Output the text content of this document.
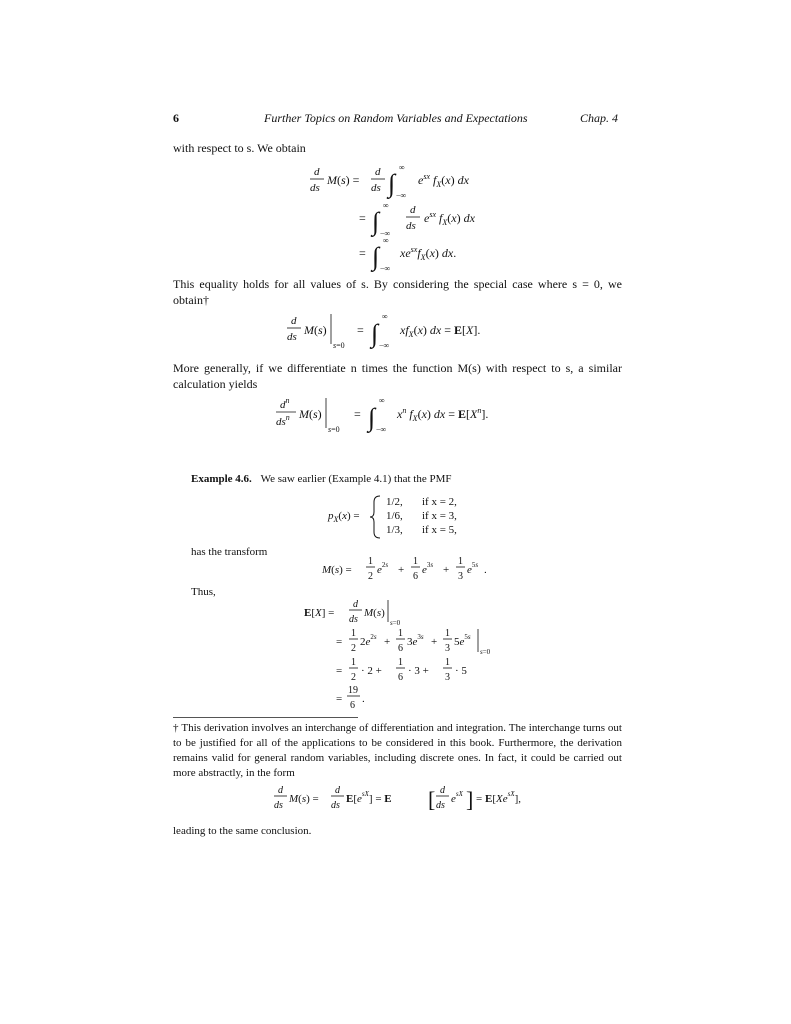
6	Further Topics on Random Variables and Expectations	Chap. 4
with respect to s. We obtain
d
ds
M(s) =
d
ds ∫
∞
−∞
$e^{sx}$ $f_X(x)$ dx
= ∫
∞
−∞
d
ds
$e^{sx}$ $f_X(x)$ dx
= ∫
∞
−∞
$xe^{sx}f_X(x)$ dx.
This equality holds for all values of s. By considering the special case where s = 0, we obtain†
d
ds M(s)
s=0
= ∫
∞
−∞
$xf_X(x)$ dx = E[X].
More generally, if we differentiate n times the function M(s) with respect to s, a similar calculation yields
$d^n$
$ds^n$ M(s)
s=0
= ∫
∞
−∞
$x^n$ $f_X(x)$ dx = $E[X^n]$.
Example 4.6. We saw earlier (Example 4.1) that the PMF
$p_X(x)$ =
1/2, if x = 2,
1/6, if x = 3,
1/3, if x = 5,
has the transform
M(s) =
1
2
$e^2s$ +
1
6
$e^3s$ +
1
3
$e^5s$ .
Thus,
E[X] =
d
ds
M(s)
s=0
=
1
2
$2e^2s$ +
1
6
$3e^3s$ +
1
3
$5e^5s$
s=0
=
1
2
· 2 +
1
6
· 3 +
1
3
· 5
=
19
6
.
† This derivation involves an interchange of differentiation and integration. The interchange turns out to be justified for all of the applications to be considered in this book. Furthermore, the derivation remains valid for general random variables, including discrete ones. In fact, it could be carried out more abstractly, in the form
d
ds
M(s) =
d
ds
$E[e^{sX}] = E$ [ d
ds
$e^{sX}$ ] = $E[Xe^{sX}]$,
leading to the same conclusion.
